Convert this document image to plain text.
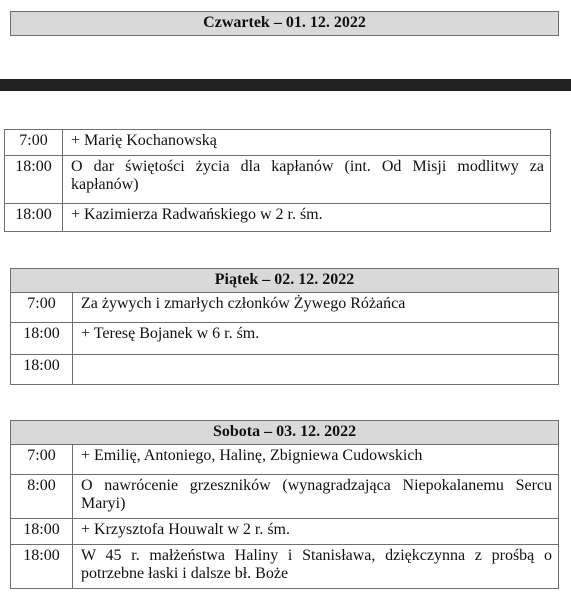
Czwartek – 01. 12. 2022
7:00	+ Marię Kochanowską
18:00	O dar świętości życia dla kapłanów (int. Od Misji modlitwy za kapłanów)
18:00	+ Kazimierza Radwańskiego w 2 r. śm.
Piątek – 02. 12. 2022	
7:00	Za żywych i zmarłych członków Żywego Różańca
18:00	+ Teresę Bojanek w 6 r. śm.
18:00	
Sobota – 03. 12. 2022	
7:00	+ Emilię, Antoniego, Halinę, Zbigniewa Cudowskich
8:00	O nawrócenie grzeszników (wynagradzająca Niepokalanemu Sercu Maryi)
18:00	+ Krzysztofa Houwalt w 2 r. śm.
18:00	W 45 r. małżeństwa Haliny i Stanisława, dziękczynna z prośbą o potrzebne łaski i dalsze bł. Boże
